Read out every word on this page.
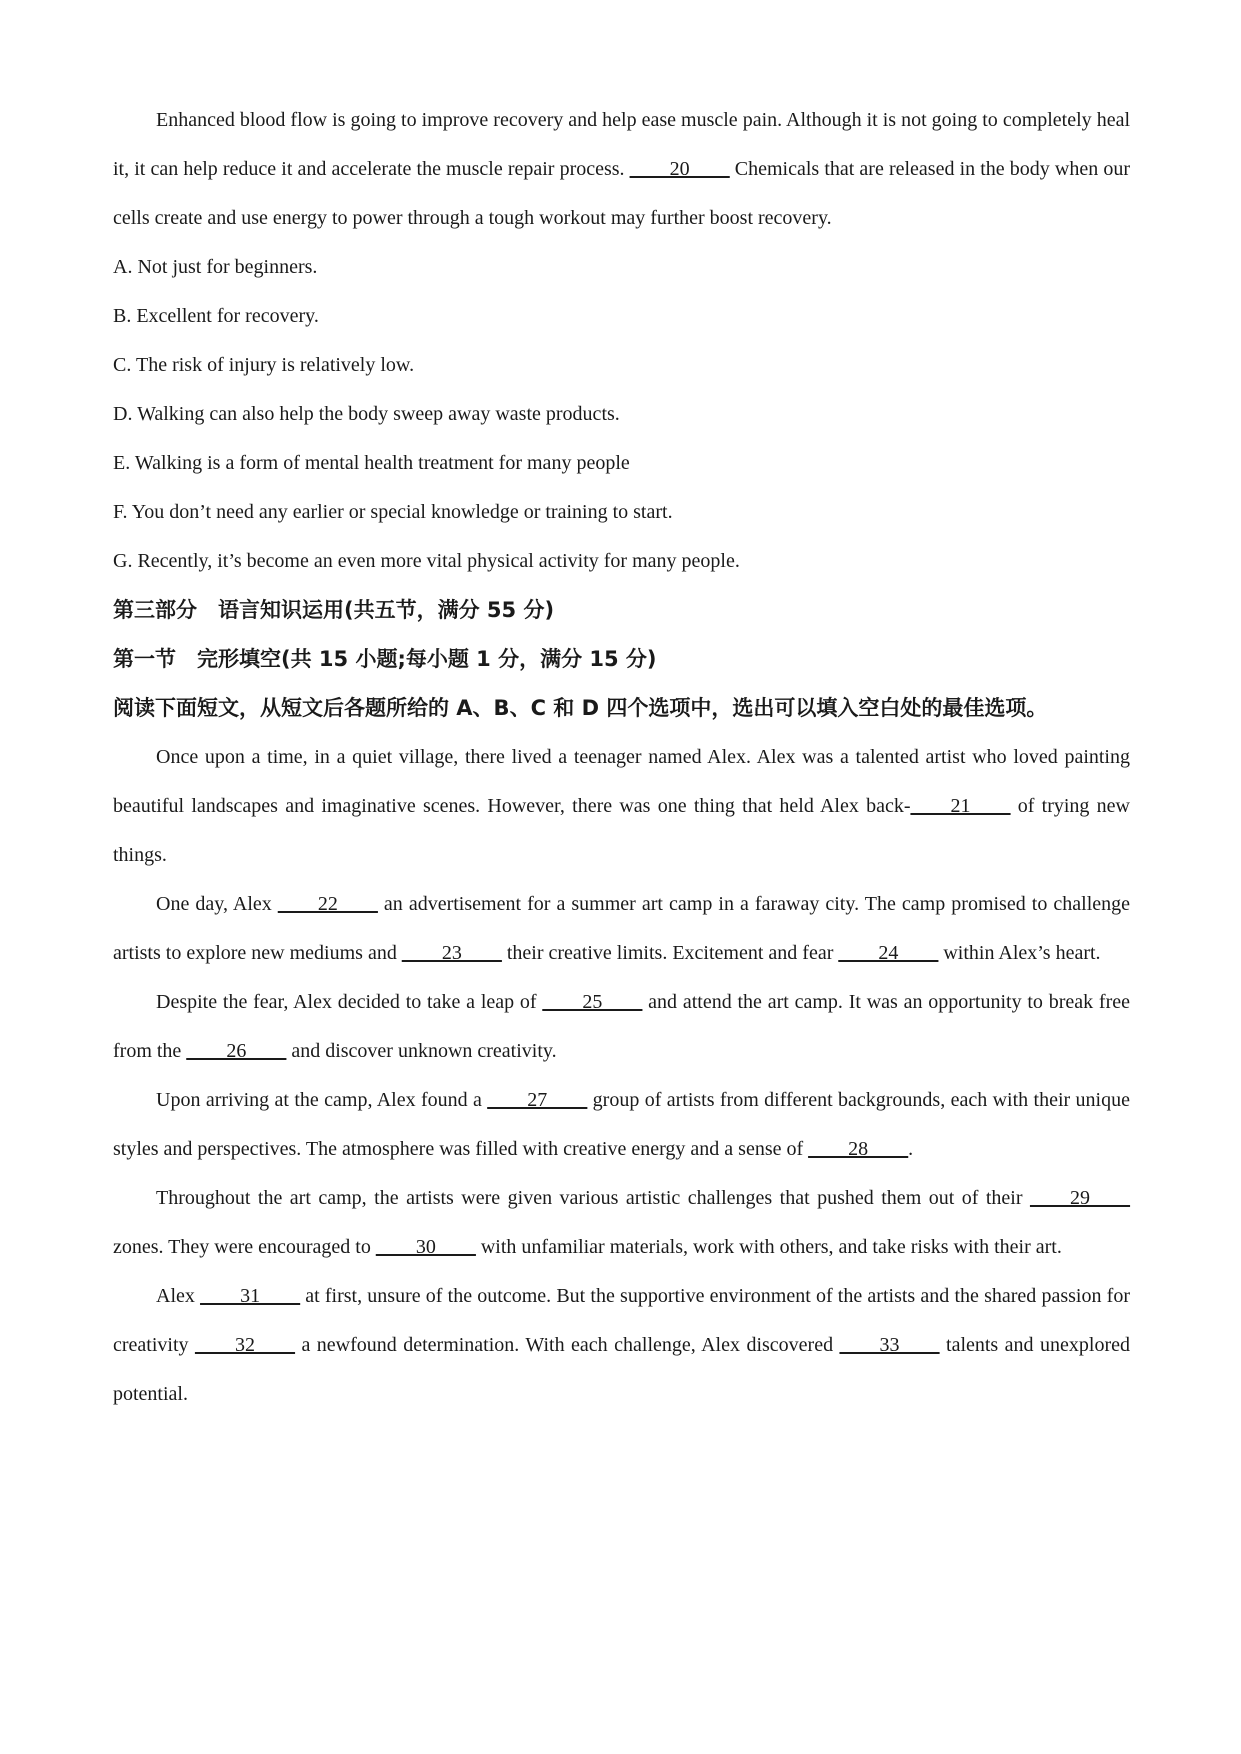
Enhanced blood flow is going to improve recovery and help ease muscle pain. Although it is not going to completely heal it, it can help reduce it and accelerate the muscle repair process. ____20____ Chemicals that are released in the body when our cells create and use energy to power through a tough workout may further boost recovery.

A. Not just for beginners.

B. Excellent for recovery.

C. The risk of injury is relatively low.

D. Walking can also help the body sweep away waste products.

E. Walking is a form of mental health treatment for many people

F. You don’t need any earlier or special knowledge or training to start.

G. Recently, it’s become an even more vital physical activity for many people.

第三部分　语言知识运用(共五节，满分 55 分)

第一节　完形填空(共 15 小题;每小题 1 分，满分 15 分)

阅读下面短文，从短文后各题所给的 A、B、C 和 D 四个选项中，选出可以填入空白处的最佳选项。

Once upon a time, in a quiet village, there lived a teenager named Alex. Alex was a talented artist who loved painting beautiful landscapes and imaginative scenes. However, there was one thing that held Alex back-____21____ of trying new things.

One day, Alex ____22____ an advertisement for a summer art camp in a faraway city. The camp promised to challenge artists to explore new mediums and ____23____ their creative limits. Excitement and fear ____24____ within Alex’s heart.

Despite the fear, Alex decided to take a leap of ____25____ and attend the art camp. It was an opportunity to break free from the ____26____ and discover unknown creativity.

Upon arriving at the camp, Alex found a ____27____ group of artists from different backgrounds, each with their unique styles and perspectives. The atmosphere was filled with creative energy and a sense of ____28____.

Throughout the art camp, the artists were given various artistic challenges that pushed them out of their ____29____ zones. They were encouraged to ____30____ with unfamiliar materials, work with others, and take risks with their art.

Alex ____31____ at first, unsure of the outcome. But the supportive environment of the artists and the shared passion for creativity ____32____ a newfound determination. With each challenge, Alex discovered ____33____ talents and unexplored potential.
